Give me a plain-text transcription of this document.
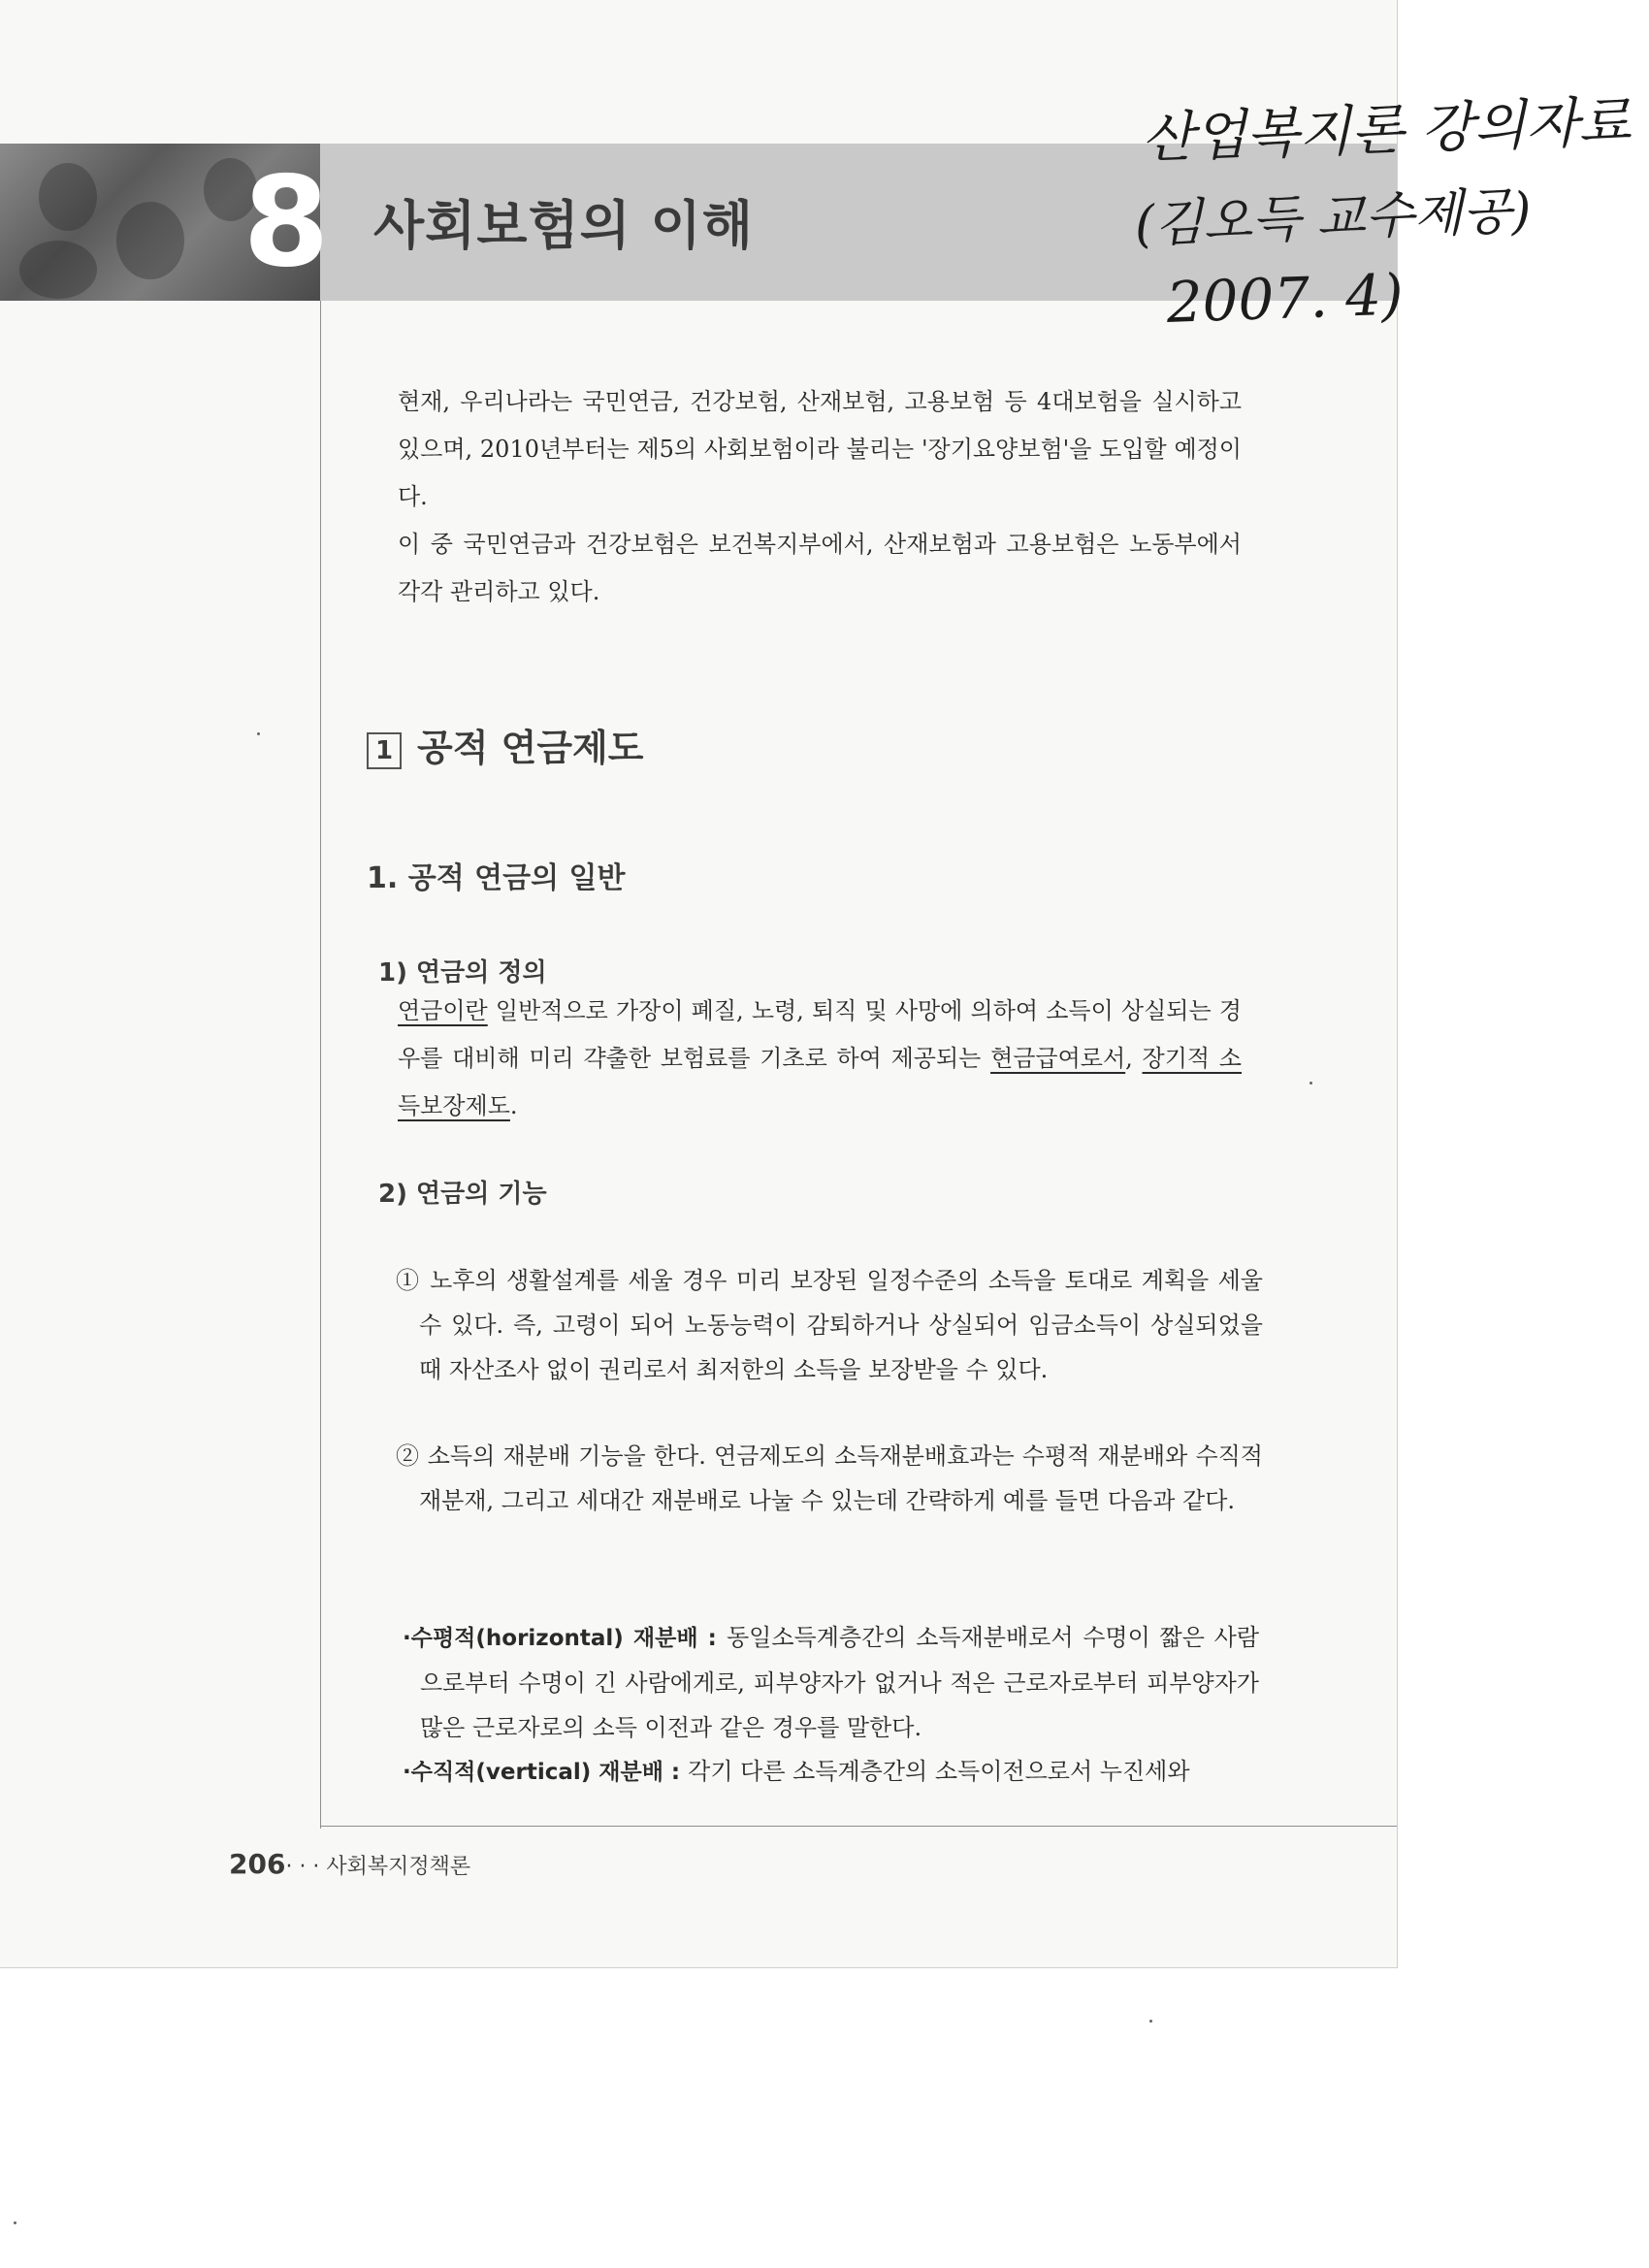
8 사회보험의 이해
산업복지론 강의자료
(김오득 교수제공)
2007. 4)
현재, 우리나라는 국민연금, 건강보험, 산재보험, 고용보험 등 4대보험을 실시하고 있으며, 2010년부터는 제5의 사회보험이라 불리는 '장기요양보험'을 도입할 예정이다.
이 중 국민연금과 건강보험은 보건복지부에서, 산재보험과 고용보험은 노동부에서 각각 관리하고 있다.
1 공적 연금제도
1. 공적 연금의 일반
1) 연금의 정의
연금이란 일반적으로 가장이 폐질, 노령, 퇴직 및 사망에 의하여 소득이 상실되는 경우를 대비해 미리 갹출한 보험료를 기초로 하여 제공되는 현금급여로서, 장기적 소득보장제도.
2) 연금의 기능
① 노후의 생활설계를 세울 경우 미리 보장된 일정수준의 소득을 토대로 계획을 세울 수 있다. 즉, 고령이 되어 노동능력이 감퇴하거나 상실되어 임금소득이 상실되었을 때 자산조사 없이 권리로서 최저한의 소득을 보장받을 수 있다.
② 소득의 재분배 기능을 한다. 연금제도의 소득재분배효과는 수평적 재분배와 수직적 재분재, 그리고 세대간 재분배로 나눌 수 있는데 간략하게 예를 들면 다음과 같다.
·수평적(horizontal) 재분배 : 동일소득계층간의 소득재분배로서 수명이 짧은 사람으로부터 수명이 긴 사람에게로, 피부양자가 없거나 적은 근로자로부터 피부양자가 많은 근로자로의 소득 이전과 같은 경우를 말한다.
·수직적(vertical) 재분배 : 각기 다른 소득계층간의 소득이전으로서 누진세와
206· · · 사회복지정책론
